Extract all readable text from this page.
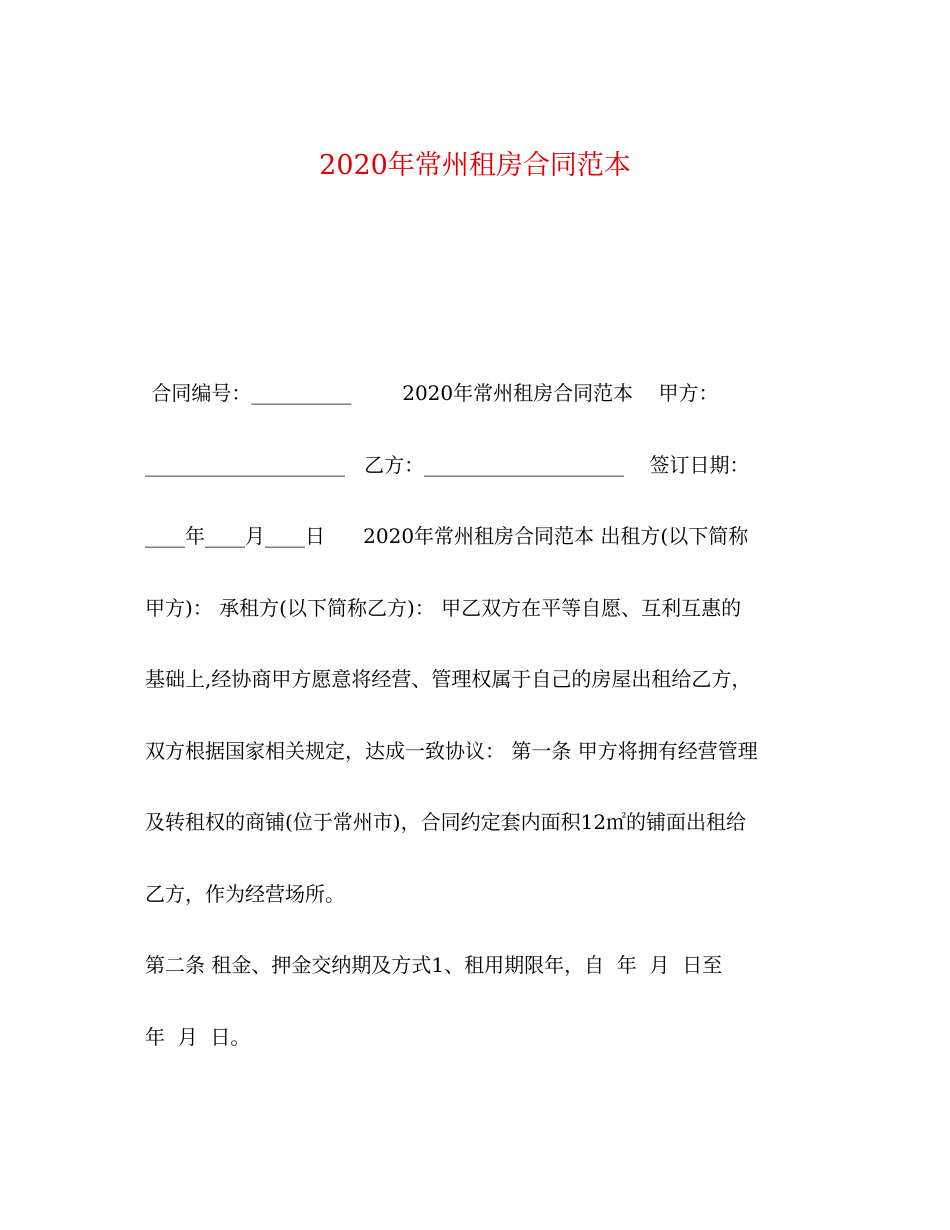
2020年常州租房合同范本

合同编号：__________        2020年常州租房合同范本    甲方：

____________________   乙方：____________________    签订日期：

____年____月____日      2020年常州租房合同范本 出租方(以下简称

甲方)： 承租方(以下简称乙方)： 甲乙双方在平等自愿、互利互惠的

基础上,经协商甲方愿意将经营、管理权属于自己的房屋出租给乙方，

双方根据国家相关规定，达成一致协议： 第一条 甲方将拥有经营管理

及转租权的商铺(位于常州市)，合同约定套内面积12㎡的铺面出租给

乙方，作为经营场所。

第二条 租金、押金交纳期及方式1、租用期限年，自  年  月  日至

年  月  日。
